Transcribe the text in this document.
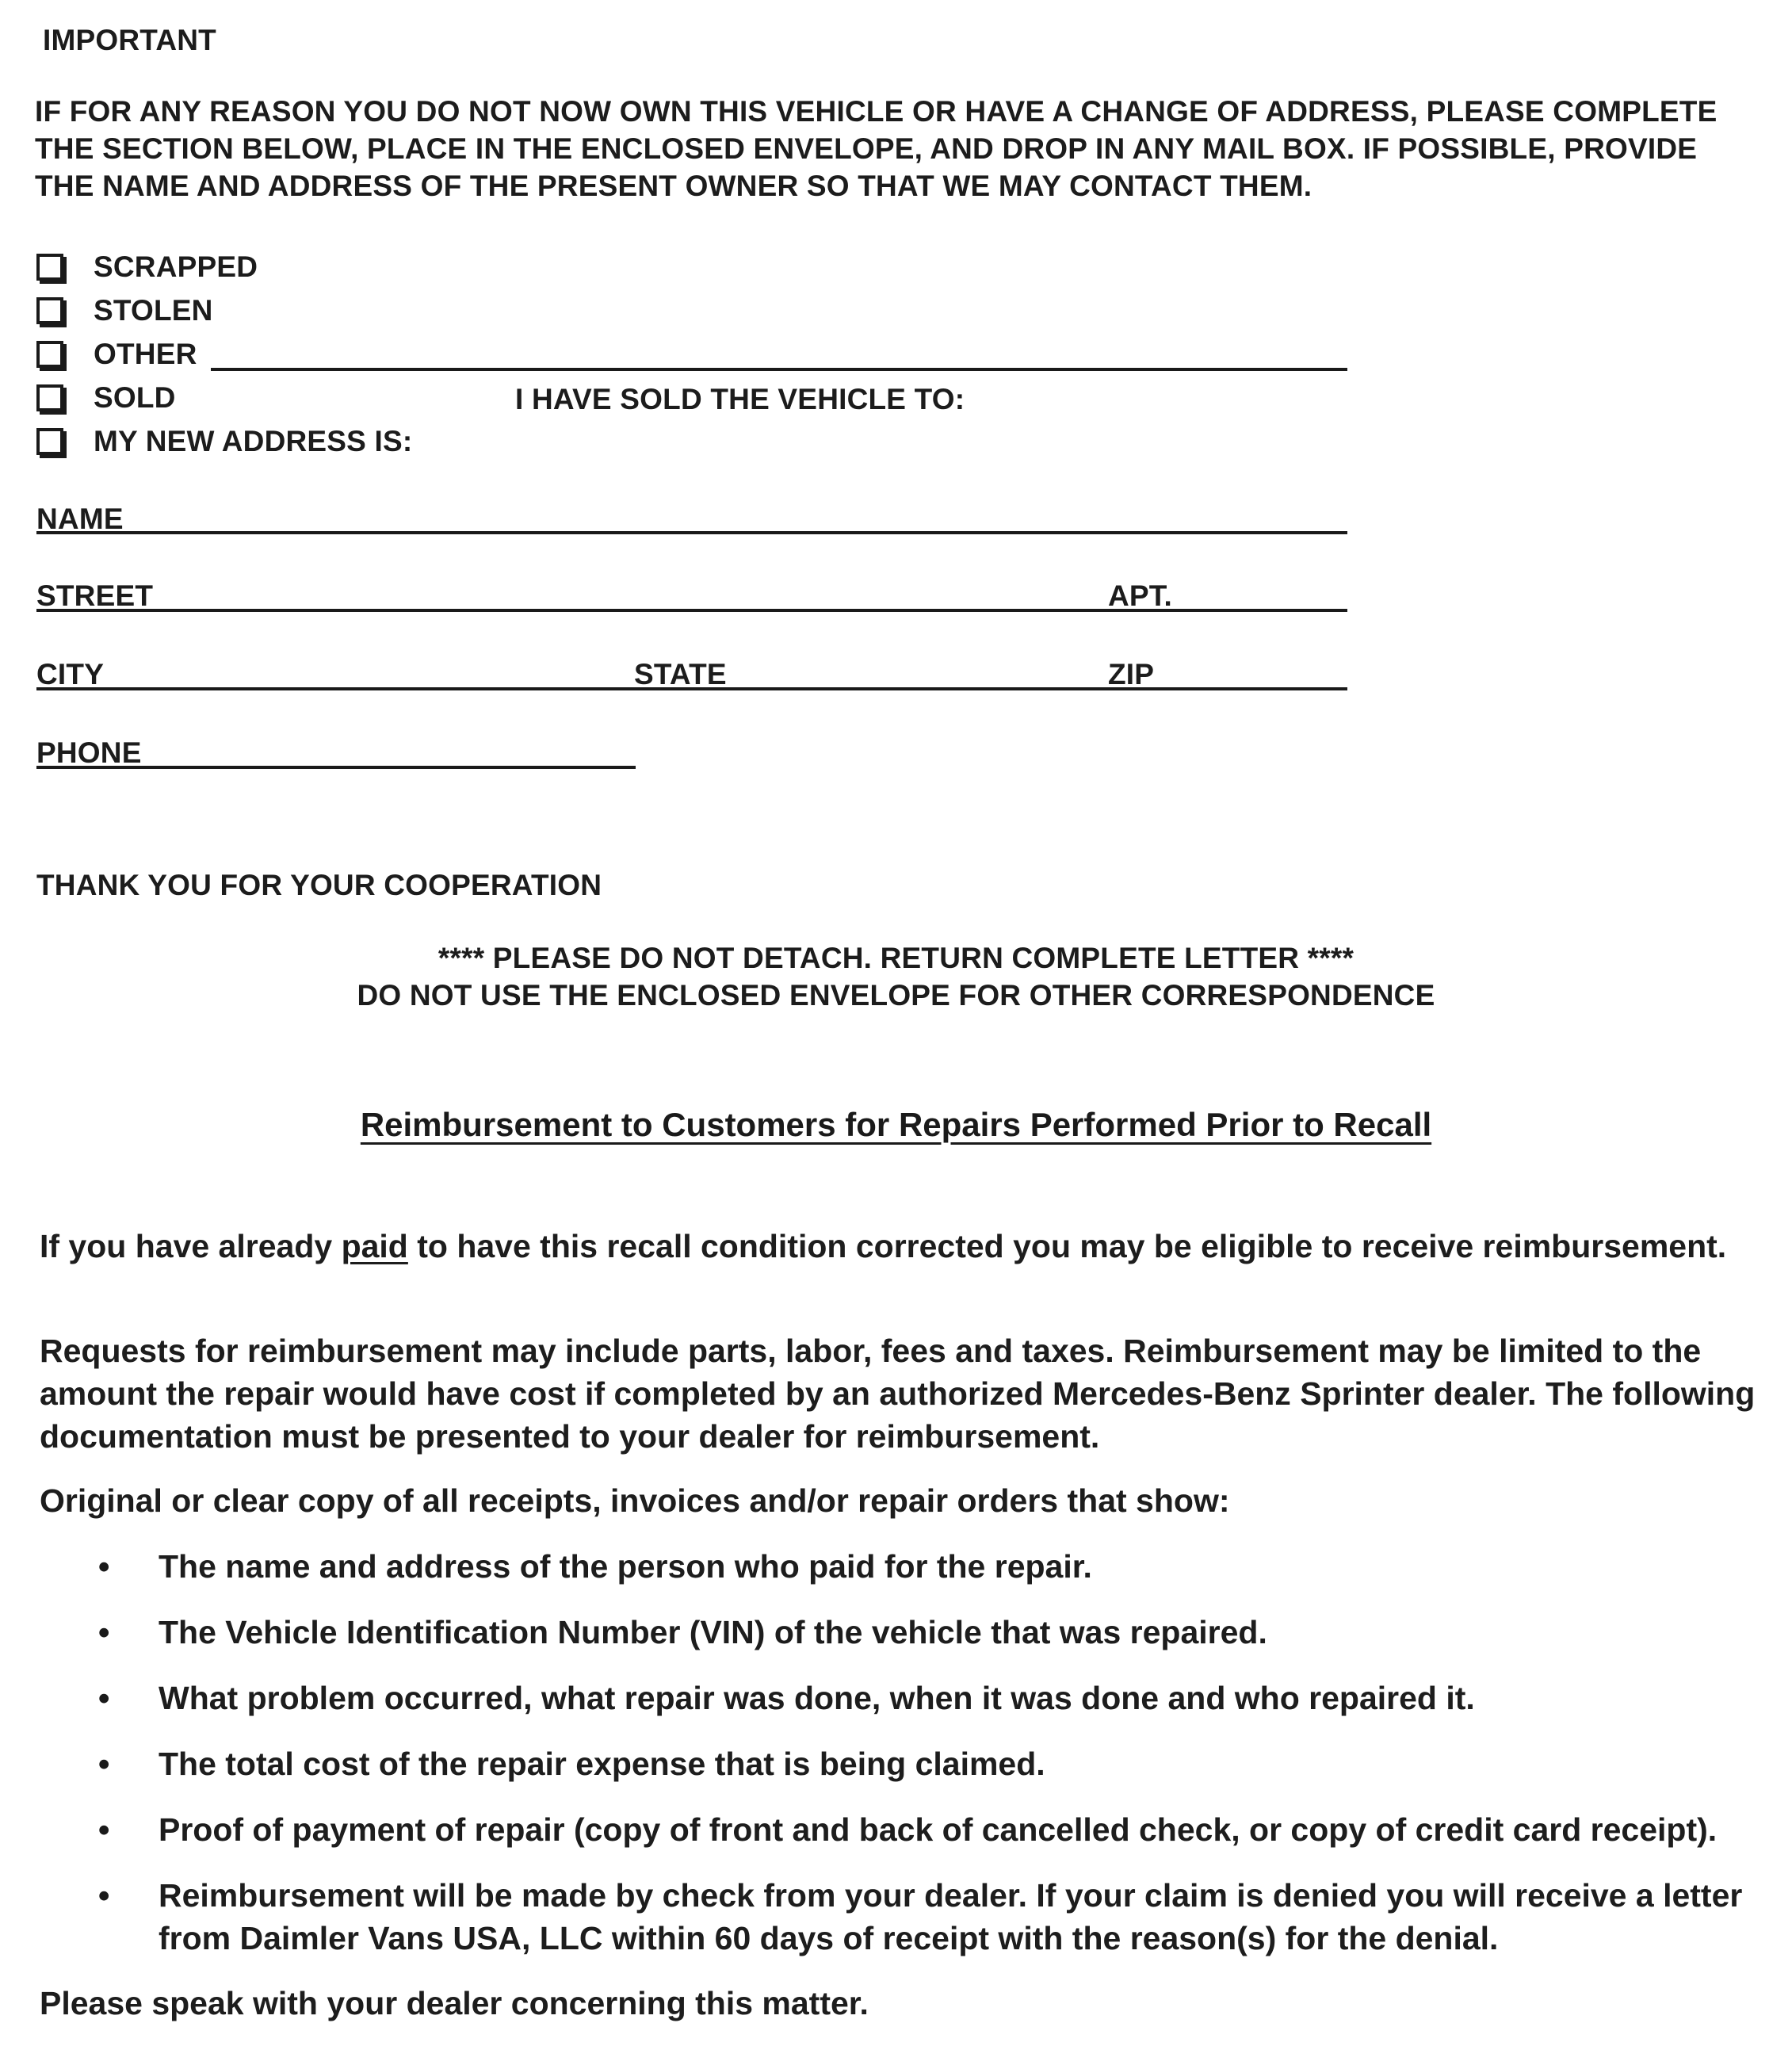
IMPORTANT

IF FOR ANY REASON YOU DO NOT NOW OWN THIS VEHICLE OR HAVE A CHANGE OF ADDRESS, PLEASE COMPLETE THE SECTION BELOW, PLACE IN THE ENCLOSED ENVELOPE, AND DROP IN ANY MAIL BOX. IF POSSIBLE, PROVIDE THE NAME AND ADDRESS OF THE PRESENT OWNER SO THAT WE MAY CONTACT THEM.

SCRAPPED
STOLEN
OTHER
SOLD	I HAVE SOLD THE VEHICLE TO:
MY NEW ADDRESS IS:
NAME
STREET	APT.
CITY	STATE	ZIP
PHONE
THANK YOU FOR YOUR COOPERATION
**** PLEASE DO NOT DETACH. RETURN COMPLETE LETTER ****
DO NOT USE THE ENCLOSED ENVELOPE FOR OTHER CORRESPONDENCE
Reimbursement to Customers for Repairs Performed Prior to Recall

If you have already paid to have this recall condition corrected you may be eligible to receive reimbursement.

Requests for reimbursement may include parts, labor, fees and taxes. Reimbursement may be limited to the amount the repair would have cost if completed by an authorized Mercedes-Benz Sprinter dealer. The following documentation must be presented to your dealer for reimbursement.

Original or clear copy of all receipts, invoices and/or repair orders that show:

• The name and address of the person who paid for the repair.

• The Vehicle Identification Number (VIN) of the vehicle that was repaired.

• What problem occurred, what repair was done, when it was done and who repaired it.

• The total cost of the repair expense that is being claimed.

• Proof of payment of repair (copy of front and back of cancelled check, or copy of credit card receipt).

• Reimbursement will be made by check from your dealer. If your claim is denied you will receive a letter from Daimler Vans USA, LLC within 60 days of receipt with the reason(s) for the denial.

Please speak with your dealer concerning this matter.
